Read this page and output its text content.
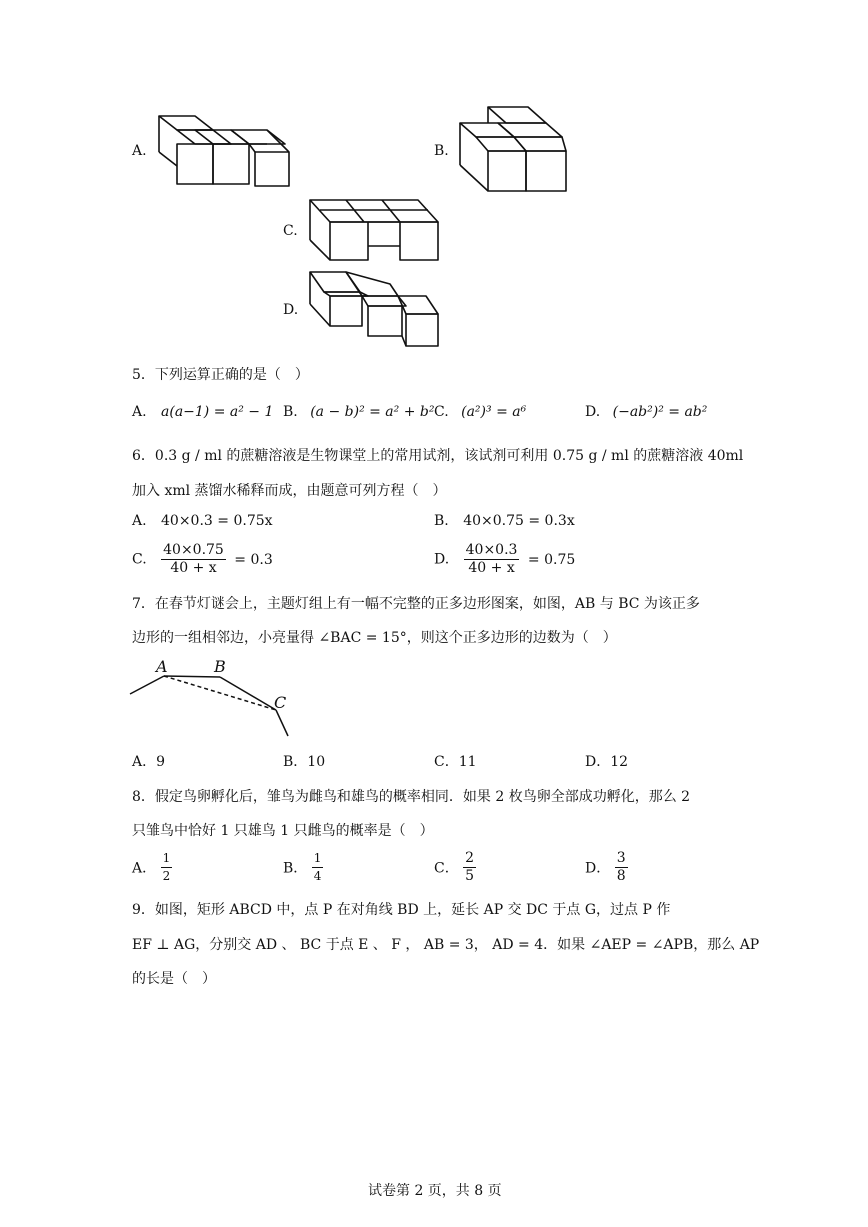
A.	B.
C.
D.
5．下列运算正确的是（　）
A. a(a−1) = a² − 1 B. (a − b)² = a² + b² C. (a²)³ = a⁶	D. (−ab²)² = ab²
6．0.3 g / ml 的蔗糖溶液是生物课堂上的常用试剂，该试剂可利用 0.75 g / ml 的蔗糖溶液 40ml
加入 xml 蒸馏水稀释而成，由题意可列方程（　）
A. 40×0.3 = 0.75x	B. 40×0.75 = 0.3x
C. $\frac{40\times 0.75}{40 + x} = 0.3$	D. $\frac{40\times 0.3}{40 + x} = 0.75$
7．在春节灯谜会上，主题灯组上有一幅不完整的正多边形图案，如图，AB 与 BC 为该正多
边形的一组相邻边，小亮量得 ∠BAC = 15°，则这个正多边形的边数为（　）
A	B
C
A．9	B．10	C．11	D．12
8．假定鸟卵孵化后，雏鸟为雌鸟和雄鸟的概率相同．如果 2 枚鸟卵全部成功孵化，那么 2
只雏鸟中恰好 1 只雄鸟 1 只雌鸟的概率是（　）
A． $\frac{1}{2}$	B． $\frac{1}{4}$	C． $\frac{2}{5}$	D． $\frac{3}{8}$
9．如图，矩形 ABCD 中，点 P 在对角线 BD 上，延长 AP 交 DC 于点 G，过点 P 作
EF ⊥ AG，分别交 AD 、 BC 于点 E 、 F ， AB = 3， AD = 4．如果 ∠AEP = ∠APB，那么 AP
的长是（　）
试卷第 2 页，共 8 页
